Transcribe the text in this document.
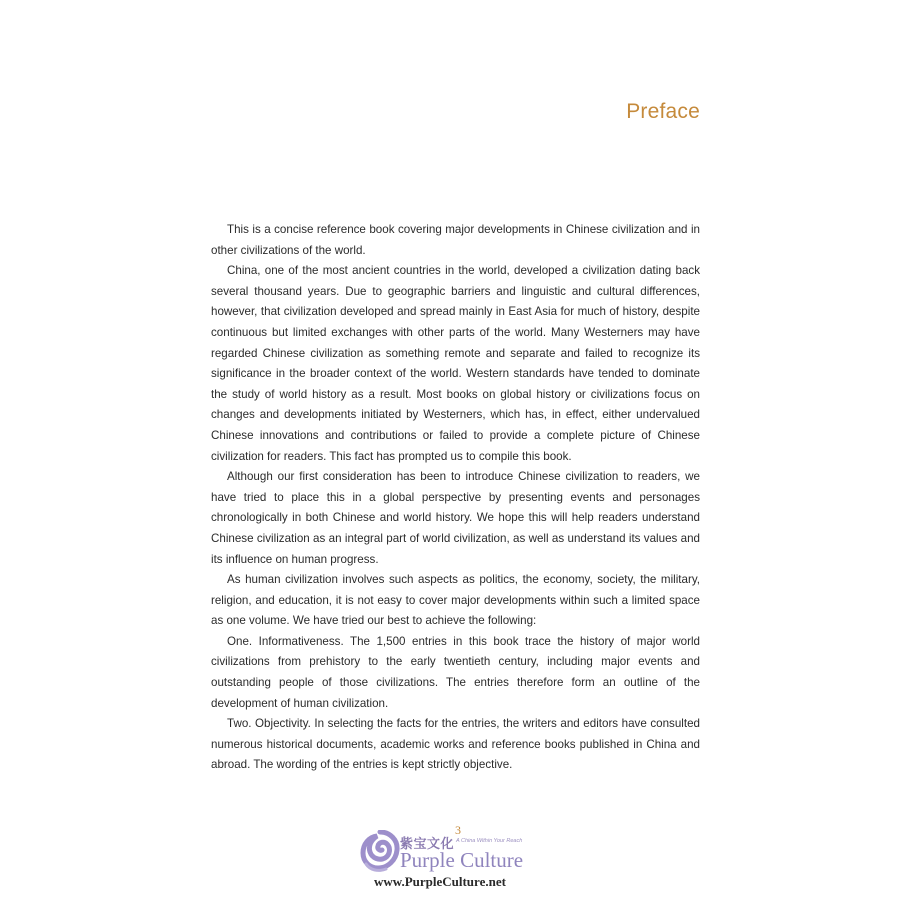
Preface

This is a concise reference book covering major developments in Chinese civilization and in other civilizations of the world.

China, one of the most ancient countries in the world, developed a civilization dating back several thousand years. Due to geographic barriers and linguistic and cultural differences, however, that civilization developed and spread mainly in East Asia for much of history, despite continuous but limited exchanges with other parts of the world. Many Westerners may have regarded Chinese civilization as something remote and separate and failed to recognize its significance in the broader context of the world. Western standards have tended to dominate the study of world history as a result. Most books on global history or civilizations focus on changes and developments initiated by Westerners, which has, in effect, either undervalued Chinese innovations and contributions or failed to provide a complete picture of Chinese civilization for readers. This fact has prompted us to compile this book.

Although our first consideration has been to introduce Chinese civilization to readers, we have tried to place this in a global perspective by presenting events and personages chronologically in both Chinese and world history. We hope this will help readers understand Chinese civilization as an integral part of world civilization, as well as understand its values and its influence on human progress.

As human civilization involves such aspects as politics, the economy, society, the military, religion, and education, it is not easy to cover major developments within such a limited space as one volume. We have tried our best to achieve the following:

One. Informativeness. The 1,500 entries in this book trace the history of major world civilizations from prehistory to the early twentieth century, including major events and outstanding people of those civilizations. The entries therefore form an outline of the development of human civilization.

Two. Objectivity. In selecting the facts for the entries, the writers and editors have consulted numerous historical documents, academic works and reference books published in China and abroad. The wording of the entries is kept strictly objective.

3
紫宝文化 A China Within Your Reach
Purple Culture
www.PurpleCulture.net
